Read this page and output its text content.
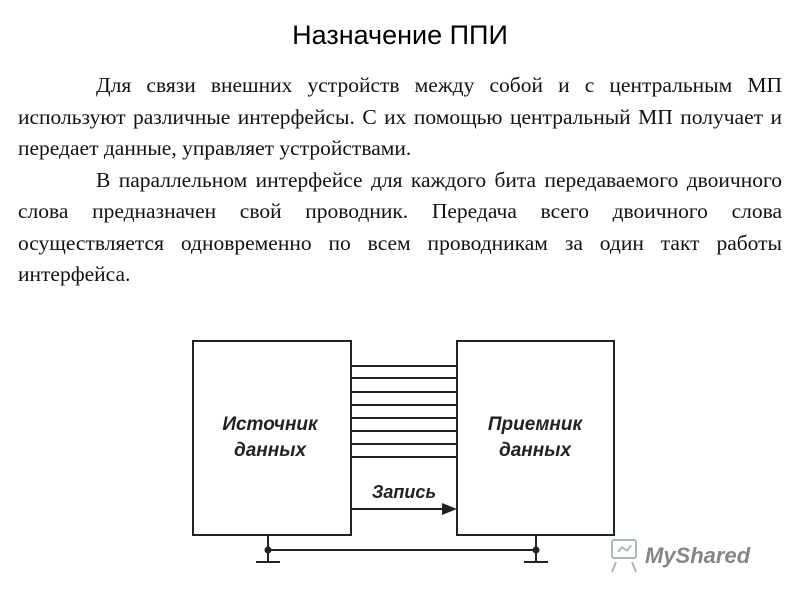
Назначение ППИ

Для связи внешних устройств между собой и с центральным МП используют различные интерфейсы. С их помощью центральный МП получает и передает данные, управляет устройствами.

В параллельном интерфейсе для каждого бита передаваемого двоичного слова предназначен свой проводник. Передача всего двоичного слова осуществляется одновременно по всем проводникам за один такт работы интерфейса.

Запись
Источник
данных
Приемник
данных
MyShared
